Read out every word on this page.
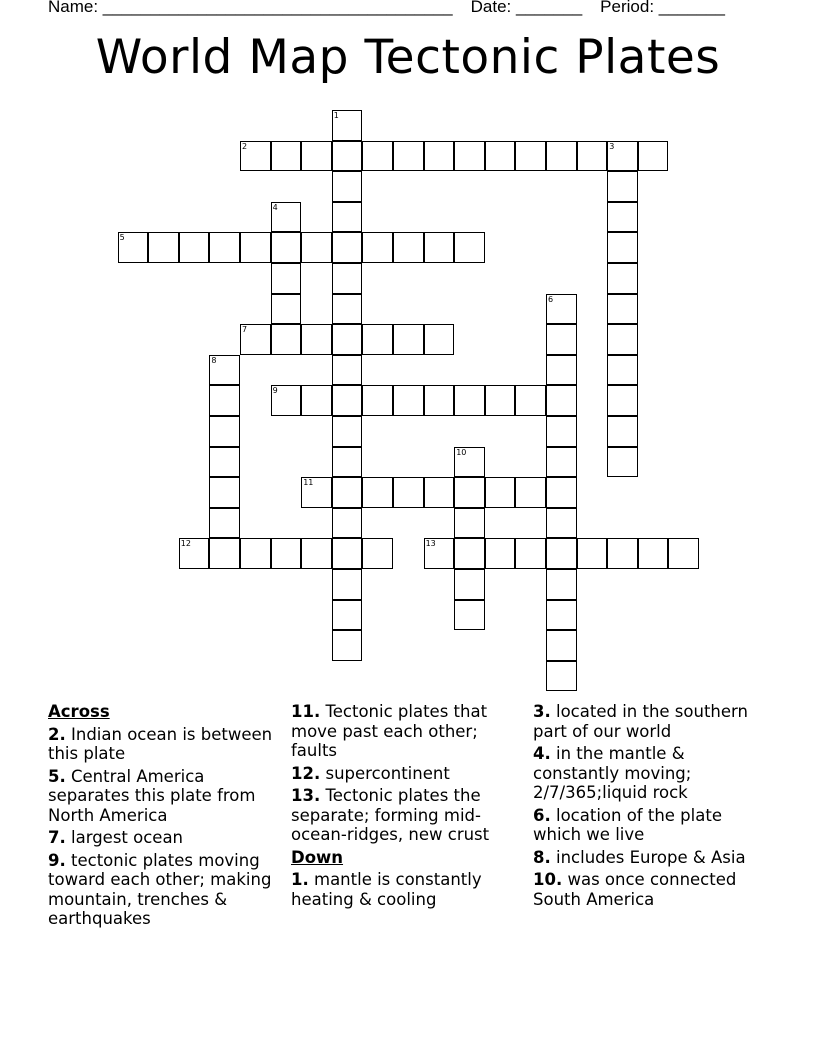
Name: _____________________________________ Date: _______ Period: _______
World Map Tectonic Plates
1
2	3
4
5
6
7
8
9
10
11
12	13
Across
2. Indian ocean is between this plate
5. Central America separates this plate from North America
7. largest ocean
9. tectonic plates moving toward each other; making mountain, trenches & earthquakes
11. Tectonic plates that move past each other; faults
12. supercontinent
13. Tectonic plates the separate; forming mid-ocean-ridges, new crust
Down
1. mantle is constantly heating & cooling
3. located in the southern part of our world
4. in the mantle & constantly moving; 2/7/365;liquid rock
6. location of the plate which we live
8. includes Europe & Asia
10. was once connected South America
